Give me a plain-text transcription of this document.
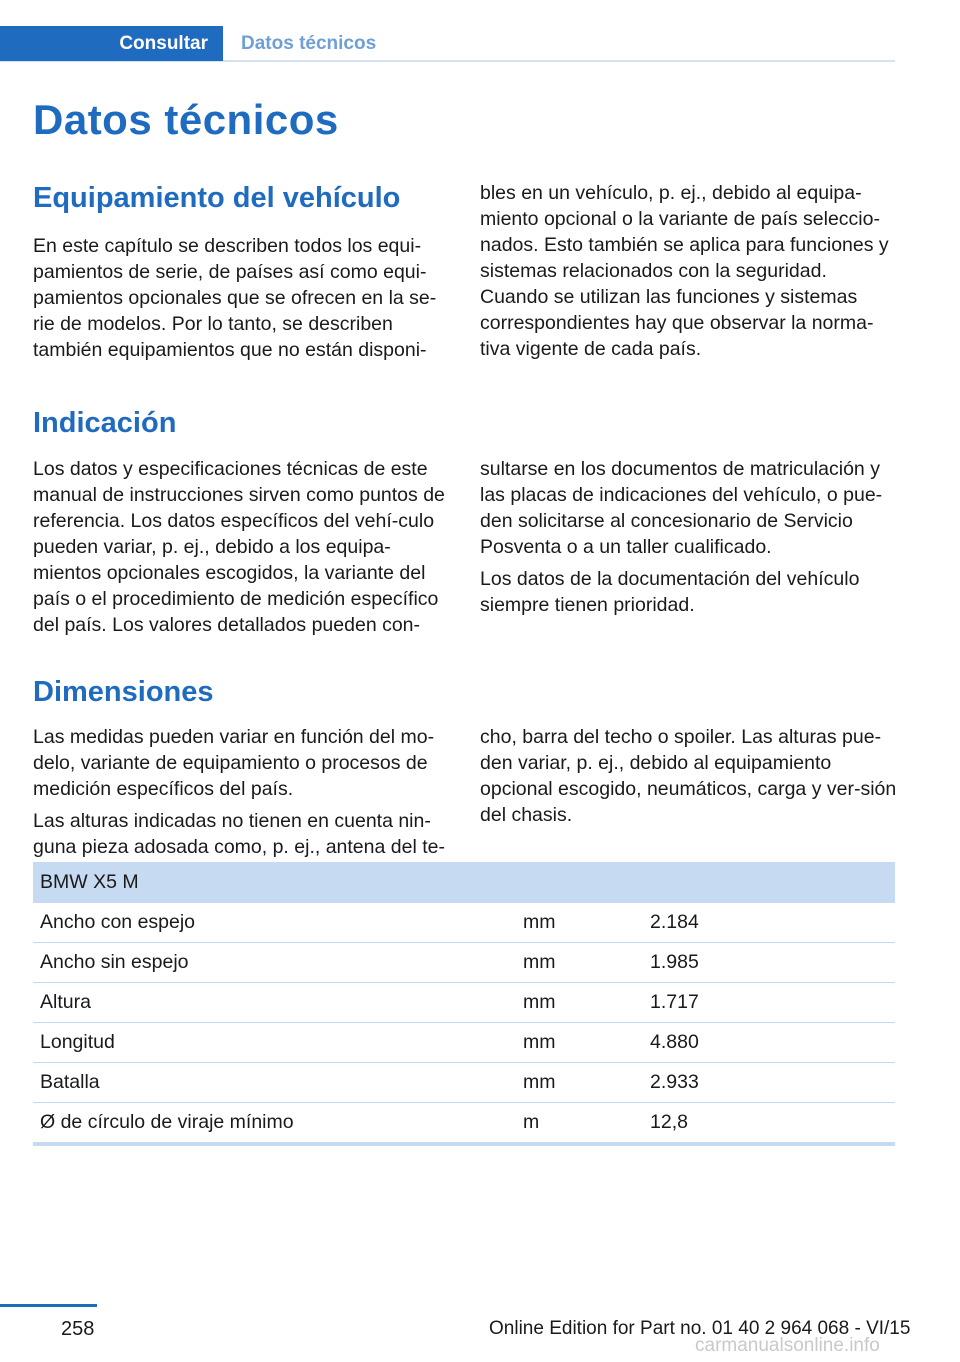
Consultar	Datos técnicos
Datos técnicos
Equipamiento del vehículo

En este capítulo se describen todos los equi-pamientos de serie, de países así como equi-pamientos opcionales que se ofrecen en la se-rie de modelos. Por lo tanto, se describen también equipamientos que no están disponi-

bles en un vehículo, p. ej., debido al equipa-miento opcional o la variante de país seleccio-nados. Esto también se aplica para funciones y sistemas relacionados con la seguridad. Cuando se utilizan las funciones y sistemas correspondientes hay que observar la norma-tiva vigente de cada país.

Indicación

Los datos y especificaciones técnicas de este manual de instrucciones sirven como puntos de referencia. Los datos específicos del vehí-culo pueden variar, p. ej., debido a los equipa-mientos opcionales escogidos, la variante del país o el procedimiento de medición específico del país. Los valores detallados pueden con-

sultarse en los documentos de matriculación y las placas de indicaciones del vehículo, o pue-den solicitarse al concesionario de Servicio Posventa o a un taller cualificado.

Los datos de la documentación del vehículo siempre tienen prioridad.

Dimensiones

Las medidas pueden variar en función del mo-delo, variante de equipamiento o procesos de medición específicos del país.

Las alturas indicadas no tienen en cuenta nin-guna pieza adosada como, p. ej., antena del te-

cho, barra del techo o spoiler. Las alturas pue-den variar, p. ej., debido al equipamiento opcional escogido, neumáticos, carga y ver-sión del chasis.

BMW X5 M		
Ancho con espejo	mm	2.184
Ancho sin espejo	mm	1.985
Altura	mm	1.717
Longitud	mm	4.880
Batalla	mm	2.933
Ø de círculo de viraje mínimo	m	12,8
258	Online Edition for Part no. 01 40 2 964 068 - VI/15
carmanualsonline.info
